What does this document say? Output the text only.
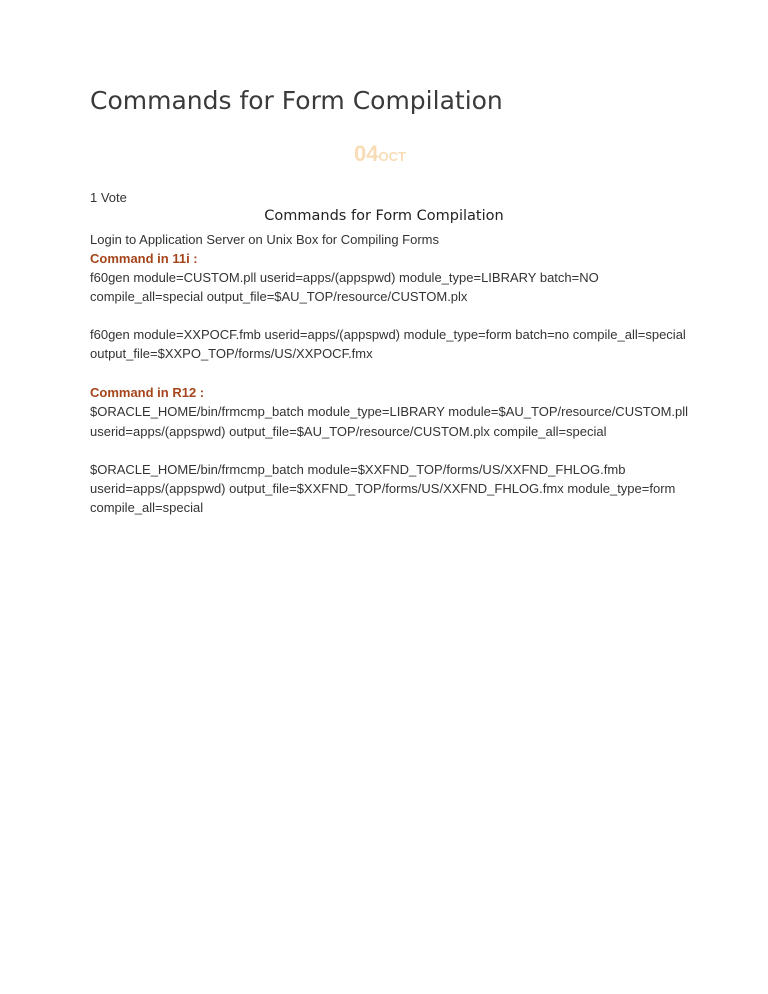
Commands for Form Compilation
04OCT
1 Vote
Commands for Form Compilation
Login to Application Server on Unix Box for Compiling Forms
Command in 11i :
f60gen module=CUSTOM.pll userid=apps/(appspwd) module_type=LIBRARY batch=NO
compile_all=special output_file=$AU_TOP/resource/CUSTOM.plx
f60gen module=XXPOCF.fmb userid=apps/(appspwd) module_type=form batch=no compile_all=special
output_file=$XXPO_TOP/forms/US/XXPOCF.fmx
Command in R12 :
$ORACLE_HOME/bin/frmcmp_batch module_type=LIBRARY module=$AU_TOP/resource/CUSTOM.pll
userid=apps/(appspwd) output_file=$AU_TOP/resource/CUSTOM.plx compile_all=special
$ORACLE_HOME/bin/frmcmp_batch module=$XXFND_TOP/forms/US/XXFND_FHLOG.fmb
userid=apps/(appspwd) output_file=$XXFND_TOP/forms/US/XXFND_FHLOG.fmx module_type=form
compile_all=special
